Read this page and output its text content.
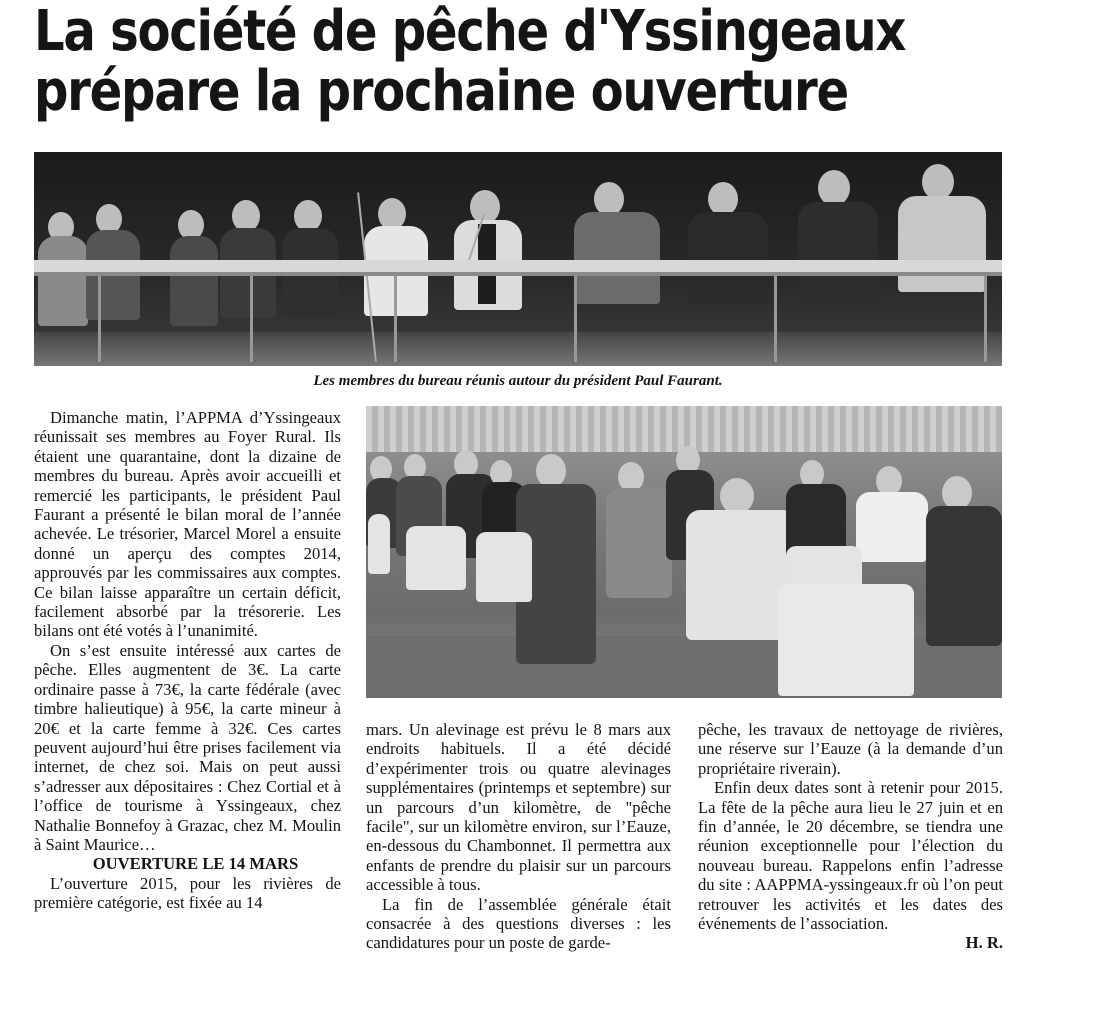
La société de pêche d'Yssingeaux
prépare la prochaine ouverture
Les membres du bureau réunis autour du président Paul Faurant.

Dimanche matin, l’APPMA d’Yssingeaux réunissait ses membres au Foyer Rural. Ils étaient une quarantaine, dont la dizaine de membres du bureau. Après avoir accueilli et remercié les participants, le président Paul Faurant a présenté le bilan moral de l’année achevée. Le trésorier, Marcel Morel a ensuite donné un aperçu des comptes 2014, approuvés par les commissaires aux comptes. Ce bilan laisse apparaître un certain déficit, facilement absorbé par la trésorerie. Les bilans ont été votés à l’unanimité.

On s’est ensuite intéressé aux cartes de pêche. Elles augmentent de 3€. La carte ordinaire passe à 73€, la carte fédérale (avec timbre halieutique) à 95€, la carte mineur à 20€ et la carte femme à 32€. Ces cartes peuvent aujourd’hui être prises facilement via internet, de chez soi. Mais on peut aussi s’adresser aux dépositaires : Chez Cortial et à l’office de tourisme à Yssingeaux, chez Nathalie Bonnefoy à Grazac, chez M. Moulin à Saint Maurice…

OUVERTURE LE 14 MARS

L’ouverture 2015, pour les rivières de première catégorie, est fixée au 14

mars. Un alevinage est prévu le 8 mars aux endroits habituels. Il a été décidé d’expérimenter trois ou quatre alevinages supplémentaires (printemps et septembre) sur un parcours d’un kilomètre, de "pêche facile", sur un kilomètre environ, sur l’Eauze, en-dessous du Chambonnet. Il permettra aux enfants de prendre du plaisir sur un parcours accessible à tous.

La fin de l’assemblée générale était consacrée à des questions diverses : les candidatures pour un poste de garde-

pêche, les travaux de nettoyage de rivières, une réserve sur l’Eauze (à la demande d’un propriétaire riverain).

Enfin deux dates sont à retenir pour 2015. La fête de la pêche aura lieu le 27 juin et en fin d’année, le 20 décembre, se tiendra une réunion exceptionnelle pour l’élection du nouveau bureau. Rappelons enfin l’adresse du site : AAPPMA-yssingeaux.fr où l’on peut retrouver les activités et les dates des événements de l’association.

H. R.
